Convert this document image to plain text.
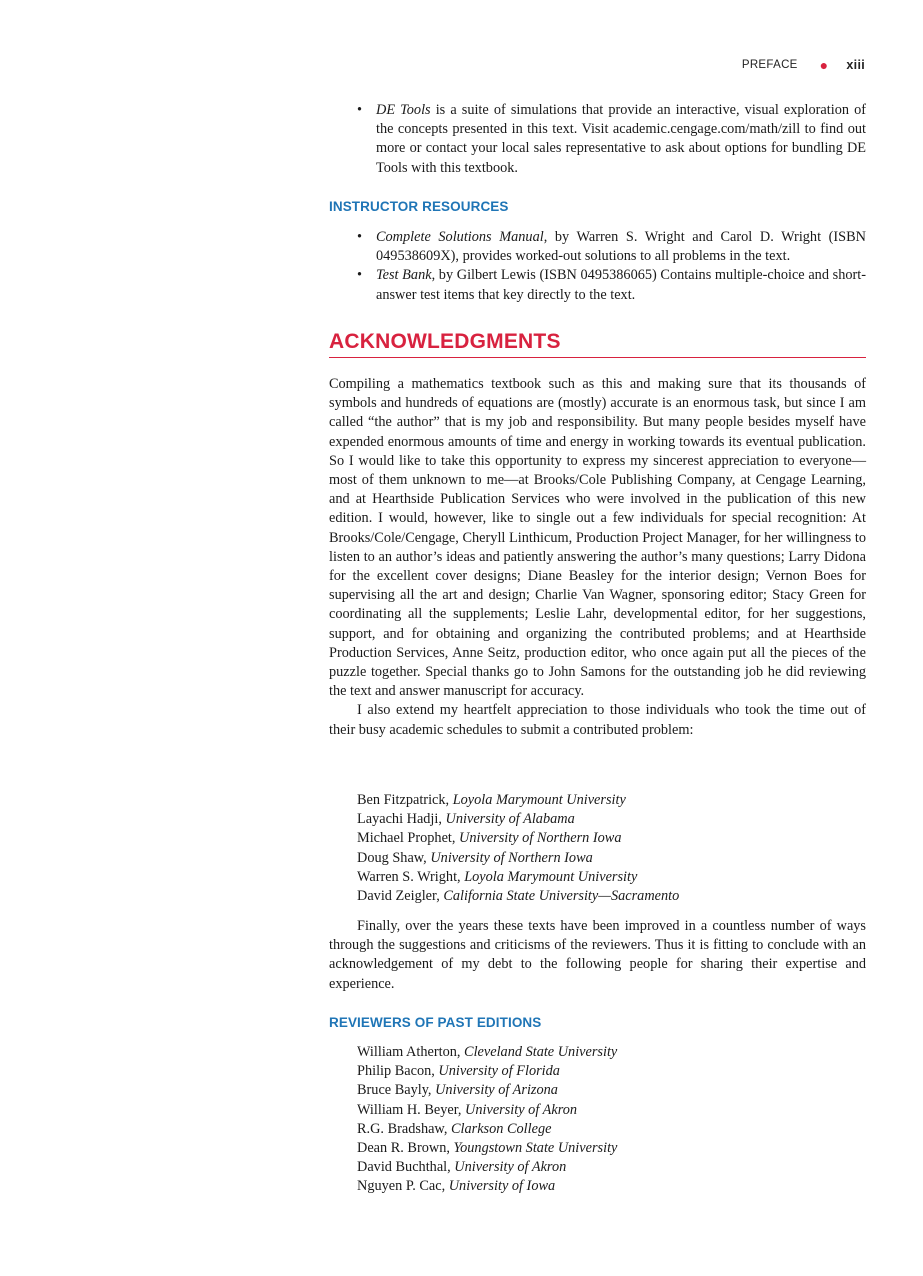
PREFACE ● xiii
• DE Tools is a suite of simulations that provide an interactive, visual exploration of the concepts presented in this text. Visit academic.cengage.com/math/zill to find out more or contact your local sales representative to ask about options for bundling DE Tools with this textbook.
INSTRUCTOR RESOURCES
• Complete Solutions Manual, by Warren S. Wright and Carol D. Wright (ISBN 049538609X), provides worked-out solutions to all problems in the text.
• Test Bank, by Gilbert Lewis (ISBN 0495386065) Contains multiple-choice and short-answer test items that key directly to the text.
ACKNOWLEDGMENTS

Compiling a mathematics textbook such as this and making sure that its thousands of symbols and hundreds of equations are (mostly) accurate is an enormous task, but since I am called “the author” that is my job and responsibility. But many people besides myself have expended enormous amounts of time and energy in working towards its eventual publication. So I would like to take this opportunity to express my sincerest appreciation to everyone—most of them unknown to me—at Brooks/Cole Publishing Company, at Cengage Learning, and at Hearthside Publication Services who were involved in the publication of this new edition. I would, however, like to single out a few individuals for special recognition: At Brooks/Cole/Cengage, Cheryll Linthicum, Production Project Manager, for her willingness to listen to an author’s ideas and patiently answering the author’s many questions; Larry Didona for the excellent cover designs; Diane Beasley for the interior design; Vernon Boes for supervising all the art and design; Charlie Van Wagner, sponsoring editor; Stacy Green for coordinating all the supplements; Leslie Lahr, developmental editor, for her suggestions, support, and for obtaining and organizing the contributed problems; and at Hearthside Production Services, Anne Seitz, production editor, who once again put all the pieces of the puzzle together. Special thanks go to John Samons for the outstanding job he did reviewing the text and answer manuscript for accuracy.

I also extend my heartfelt appreciation to those individuals who took the time out of their busy academic schedules to submit a contributed problem:

Ben Fitzpatrick, Loyola Marymount University
Layachi Hadji, University of Alabama
Michael Prophet, University of Northern Iowa
Doug Shaw, University of Northern Iowa
Warren S. Wright, Loyola Marymount University
David Zeigler, California State University—Sacramento

Finally, over the years these texts have been improved in a countless number of ways through the suggestions and criticisms of the reviewers. Thus it is fitting to conclude with an acknowledgement of my debt to the following people for sharing their expertise and experience.

REVIEWERS OF PAST EDITIONS
William Atherton, Cleveland State University
Philip Bacon, University of Florida
Bruce Bayly, University of Arizona
William H. Beyer, University of Akron
R.G. Bradshaw, Clarkson College
Dean R. Brown, Youngstown State University
David Buchthal, University of Akron
Nguyen P. Cac, University of Iowa
